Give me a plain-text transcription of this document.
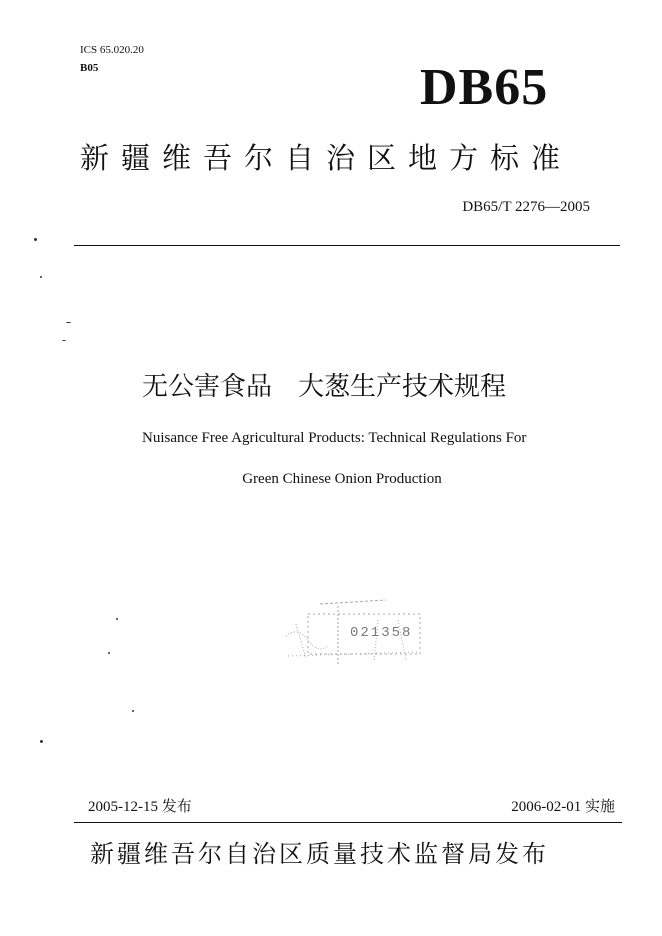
ICS 65.020.20
B05	DB65
新疆维吾尔自治区地方标准
DB65/T 2276—2005
无公害食品　大葱生产技术规程
Nuisance Free Agricultural Products: Technical Regulations For
Green Chinese Onion Production
021358
2005-12-15 发布	2006-02-01 实施
新疆维吾尔自治区质量技术监督局发布
